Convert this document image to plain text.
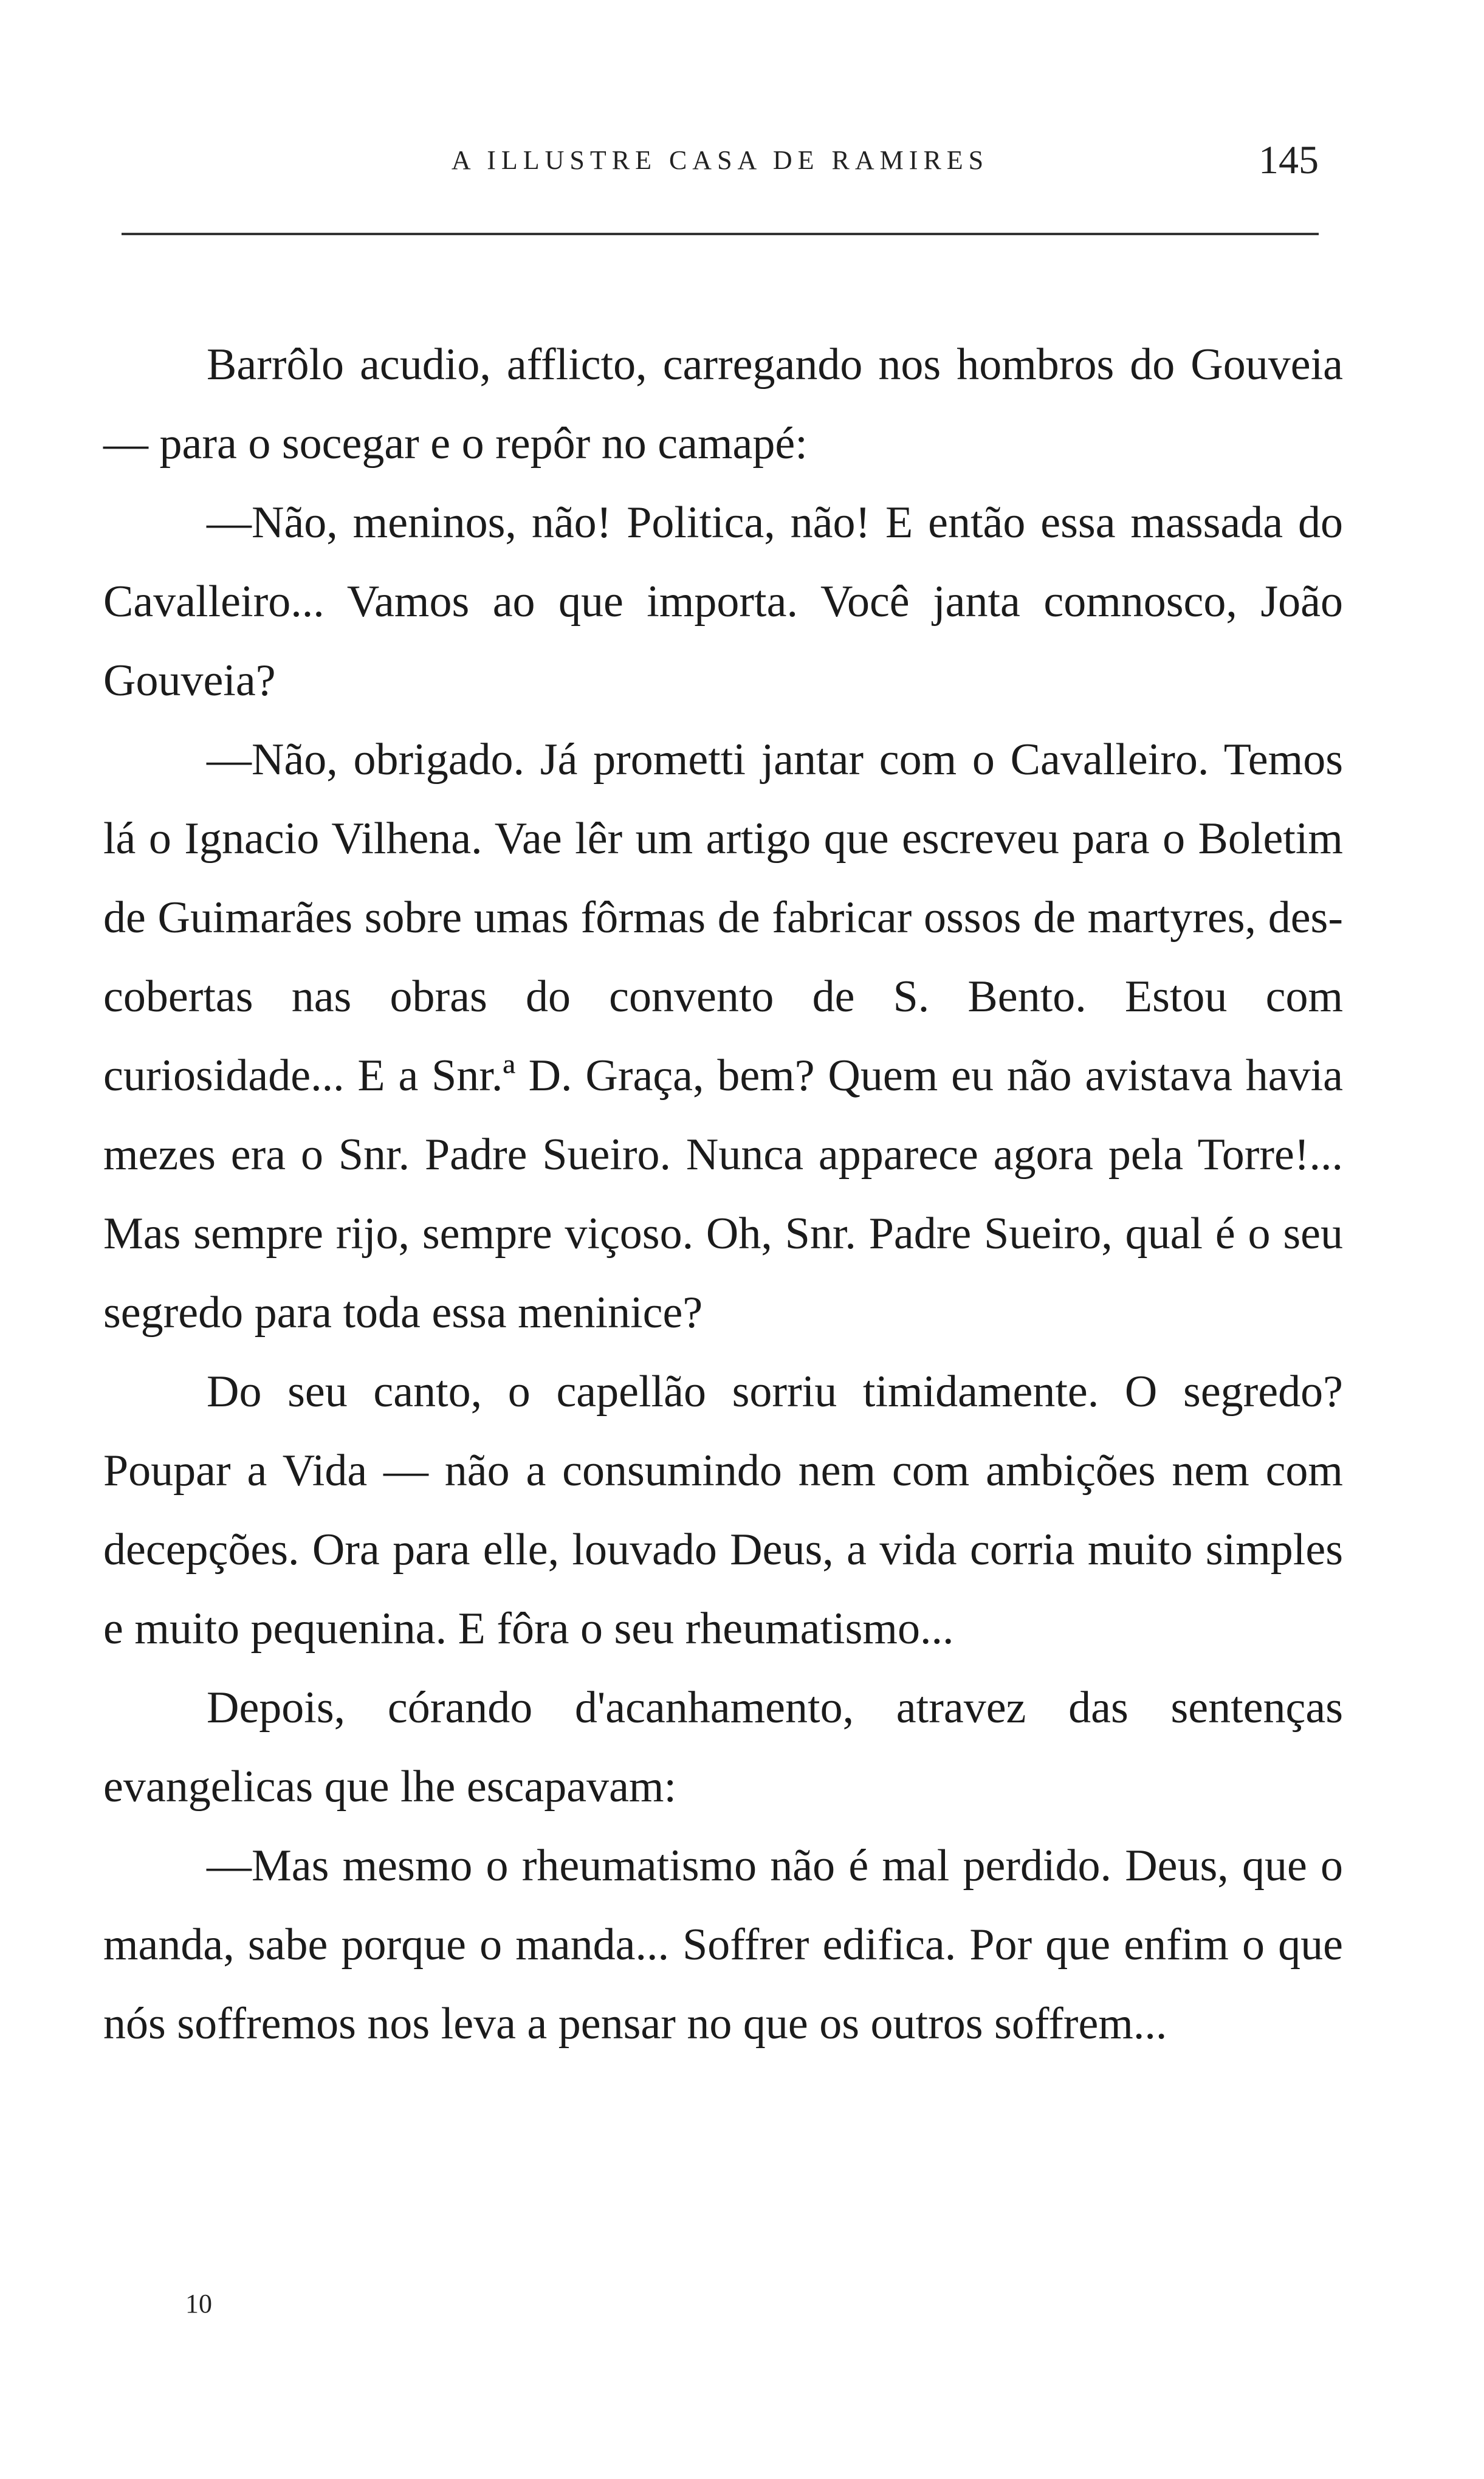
A ILLUSTRE CASA DE RAMIRES	145

Barrôlo acudio, afflicto, carregando nos hombros do Gouveia — para o socegar e o repôr no camapé:

—Não, meninos, não! Politica, não! E então essa massada do Cavalleiro... Vamos ao que importa. Você janta comnosco, João Gouveia?

—Não, obrigado. Já prometti jantar com o Cavalleiro. Temos lá o Ignacio Vilhena. Vae lêr um artigo que escreveu para o Boletim de Guimarães sobre umas fôrmas de fabricar ossos de martyres, descobertas nas obras do convento de S. Bento. Estou com curiosidade... E a Snr.ª D. Graça, bem? Quem eu não avistava havia mezes era o Snr. Padre Sueiro. Nunca apparece agora pela Torre!... Mas sempre rijo, sempre viçoso. Oh, Snr. Padre Sueiro, qual é o seu segredo para toda essa meninice?

Do seu canto, o capellão sorriu timidamente. O segredo? Poupar a Vida — não a consumindo nem com ambições nem com decepções. Ora para elle, louvado Deus, a vida corria muito simples e muito pequenina. E fôra o seu rheumatismo...

Depois, córando d'acanhamento, atravez das sentenças evangelicas que lhe escapavam:

—Mas mesmo o rheumatismo não é mal perdido. Deus, que o manda, sabe porque o manda... Soffrer edifica. Por que enfim o que nós soffremos nos leva a pensar no que os outros soffrem...

10
